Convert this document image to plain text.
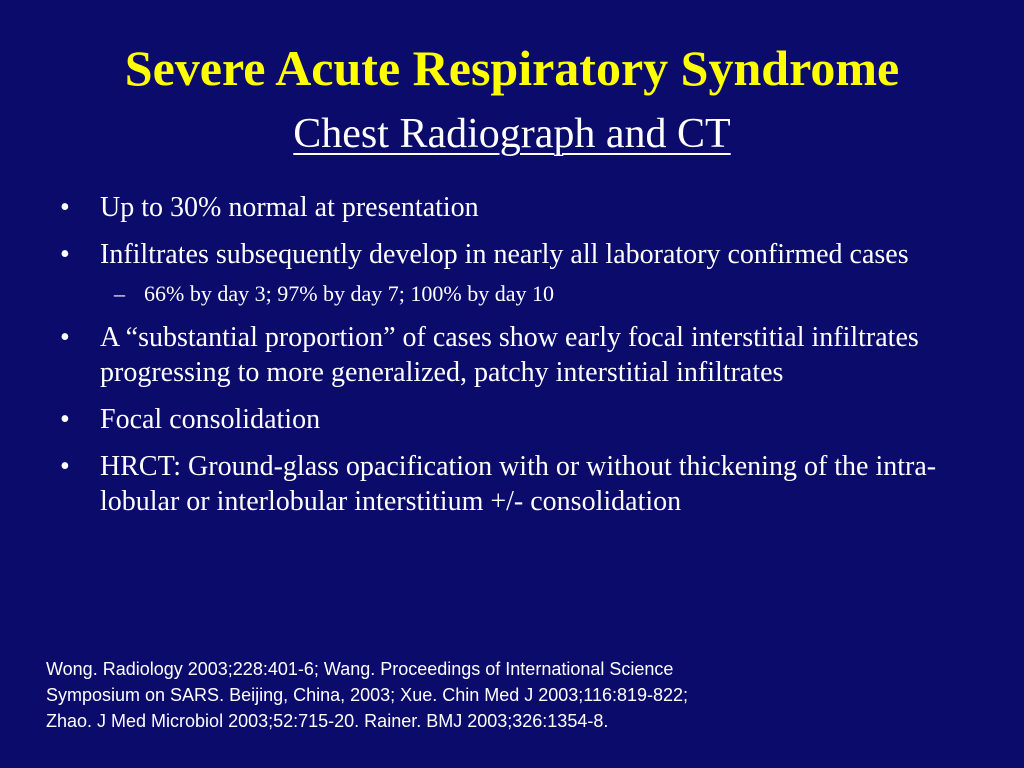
Severe Acute Respiratory Syndrome
Chest Radiograph and CT
• Up to 30% normal at presentation
• Infiltrates subsequently develop in nearly all laboratory confirmed cases
– 66% by day 3; 97% by day 7; 100% by day 10
• A “substantial proportion” of cases show early focal interstitial infiltrates progressing to more generalized, patchy interstitial infiltrates
• Focal consolidation
• HRCT: Ground-glass opacification with or without thickening of the intra-lobular or interlobular interstitium +/- consolidation
Wong. Radiology 2003;228:401-6; Wang. Proceedings of International Science
Symposium on SARS. Beijing, China, 2003; Xue. Chin Med J 2003;116:819-822;
Zhao. J Med Microbiol 2003;52:715-20. Rainer. BMJ 2003;326:1354-8.
